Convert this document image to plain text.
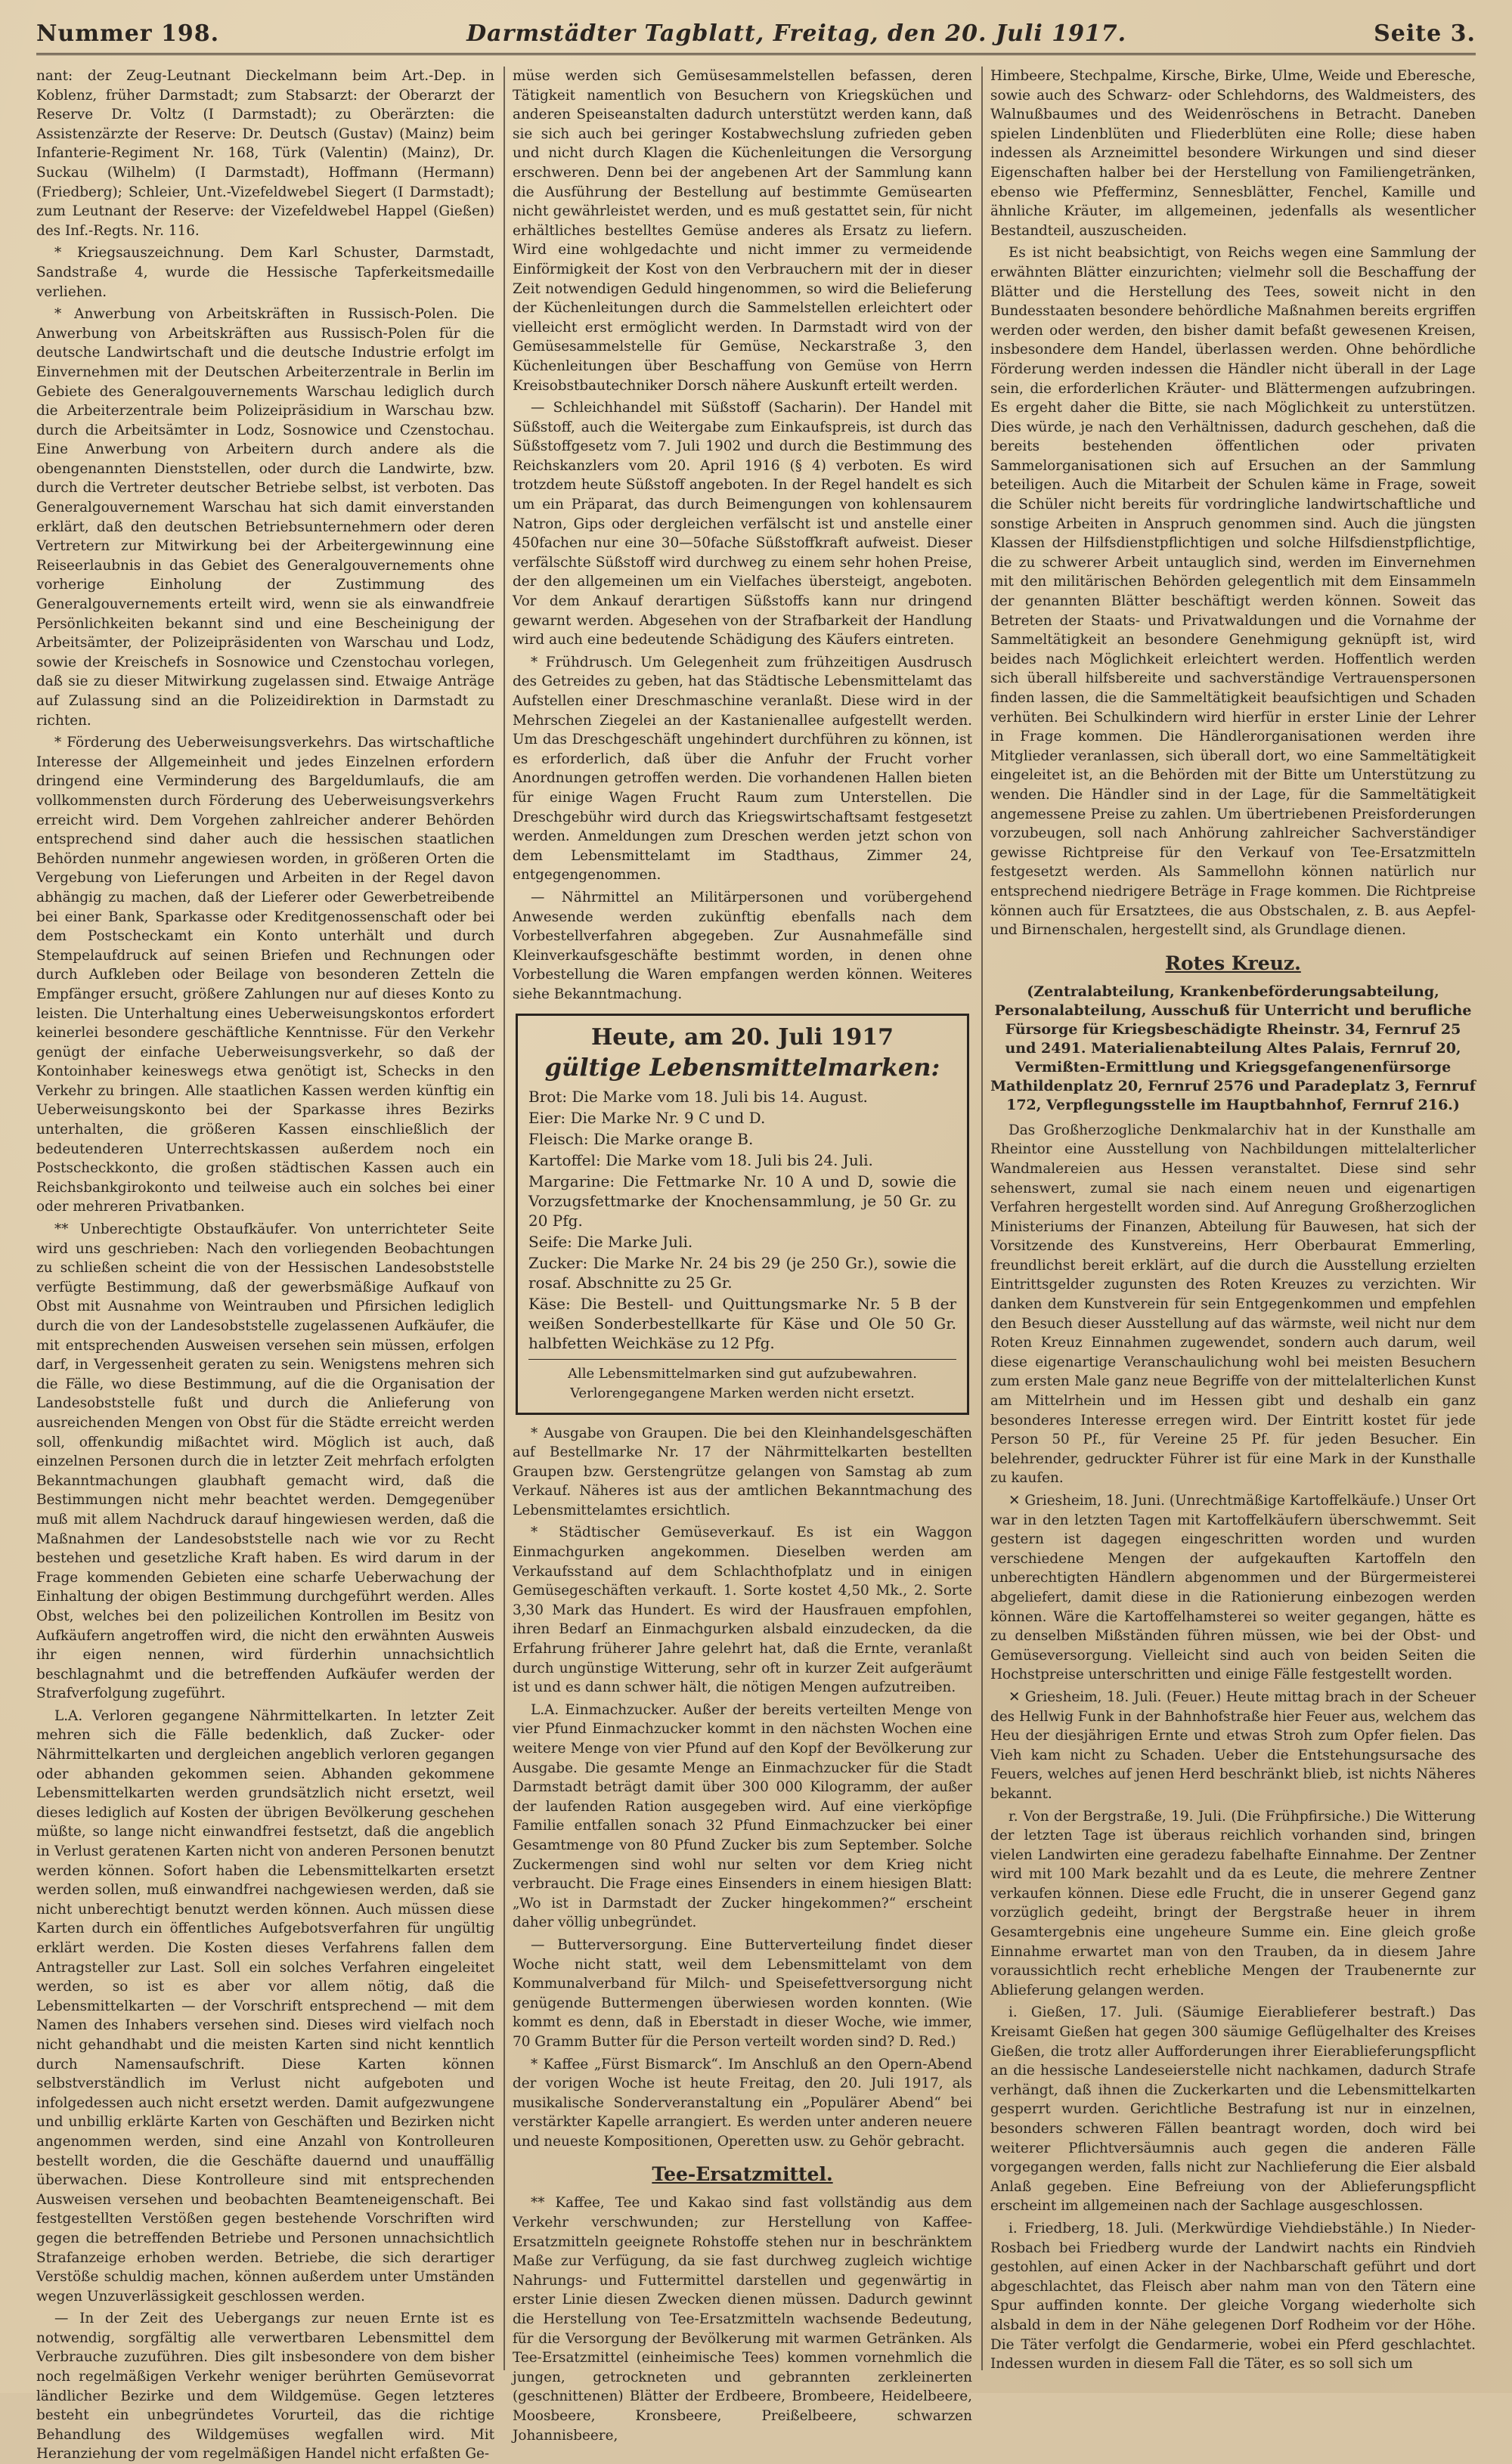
Nummer 198.	Darmstädter Tagblatt, Freitag, den 20. Juli 1917.	Seite 3.

nant: der Zeug-Leutnant Dieckelmann beim Art.-Dep. in Koblenz, früher Darmstadt; zum Stabsarzt: der Oberarzt der Reserve Dr. Voltz (I Darmstadt); zu Oberärzten: die Assistenzärzte der Reserve: Dr. Deutsch (Gustav) (Mainz) beim Infanterie-Regiment Nr. 168, Türk (Valentin) (Mainz), Dr. Suckau (Wilhelm) (I Darmstadt), Hoffmann (Hermann) (Friedberg); Schleier, Unt.-Vizefeldwebel Siegert (I Darmstadt); zum Leutnant der Reserve: der Vizefeldwebel Happel (Gießen) des Inf.-Regts. Nr. 116.

* Kriegsauszeichnung. Dem Karl Schuster, Darmstadt, Sandstraße 4, wurde die Hessische Tapferkeitsmedaille verliehen.

* Anwerbung von Arbeitskräften in Russisch-Polen. Die Anwerbung von Arbeitskräften aus Russisch-Polen für die deutsche Landwirtschaft und die deutsche Industrie erfolgt im Einvernehmen mit der Deutschen Arbeiterzentrale in Berlin im Gebiete des Generalgouvernements Warschau lediglich durch die Arbeiterzentrale beim Polizeipräsidium in Warschau bzw. durch die Arbeitsämter in Lodz, Sosnowice und Czenstochau. Eine Anwerbung von Arbeitern durch andere als die obengenannten Dienststellen, oder durch die Landwirte, bzw. durch die Vertreter deutscher Betriebe selbst, ist verboten. Das Generalgouvernement Warschau hat sich damit einverstanden erklärt, daß den deutschen Betriebsunternehmern oder deren Vertretern zur Mitwirkung bei der Arbeitergewinnung eine Reiseerlaubnis in das Gebiet des Generalgouvernements ohne vorherige Einholung der Zustimmung des Generalgouvernements erteilt wird, wenn sie als einwandfreie Persönlichkeiten bekannt sind und eine Bescheinigung der Arbeitsämter, der Polizeipräsidenten von Warschau und Lodz, sowie der Kreischefs in Sosnowice und Czenstochau vorlegen, daß sie zu dieser Mitwirkung zugelassen sind. Etwaige Anträge auf Zulassung sind an die Polizeidirektion in Darmstadt zu richten.

* Förderung des Ueberweisungsverkehrs. Das wirtschaftliche Interesse der Allgemeinheit und jedes Einzelnen erfordern dringend eine Verminderung des Bargeldumlaufs, die am vollkommensten durch Förderung des Ueberweisungsverkehrs erreicht wird. Dem Vorgehen zahlreicher anderer Behörden entsprechend sind daher auch die hessischen staatlichen Behörden nunmehr angewiesen worden, in größeren Orten die Vergebung von Lieferungen und Arbeiten in der Regel davon abhängig zu machen, daß der Lieferer oder Gewerbetreibende bei einer Bank, Sparkasse oder Kreditgenossenschaft oder bei dem Postscheckamt ein Konto unterhält und durch Stempelaufdruck auf seinen Briefen und Rechnungen oder durch Aufkleben oder Beilage von besonderen Zetteln die Empfänger ersucht, größere Zahlungen nur auf dieses Konto zu leisten. Die Unterhaltung eines Ueberweisungskontos erfordert keinerlei besondere geschäftliche Kenntnisse. Für den Verkehr genügt der einfache Ueberweisungsverkehr, so daß der Kontoinhaber keineswegs etwa genötigt ist, Schecks in den Verkehr zu bringen. Alle staatlichen Kassen werden künftig ein Ueberweisungskonto bei der Sparkasse ihres Bezirks unterhalten, die größeren Kassen einschließlich der bedeutenderen Unterrechtskassen außerdem noch ein Postscheckkonto, die großen städtischen Kassen auch ein Reichsbankgirokonto und teilweise auch ein solches bei einer oder mehreren Privatbanken.

** Unberechtigte Obstaufkäufer. Von unterrichteter Seite wird uns geschrieben: Nach den vorliegenden Beobachtungen zu schließen scheint die von der Hessischen Landesobststelle verfügte Bestimmung, daß der gewerbsmäßige Aufkauf von Obst mit Ausnahme von Weintrauben und Pfirsichen lediglich durch die von der Landesobststelle zugelassenen Aufkäufer, die mit entsprechenden Ausweisen versehen sein müssen, erfolgen darf, in Vergessenheit geraten zu sein. Wenigstens mehren sich die Fälle, wo diese Bestimmung, auf die die Organisation der Landesobststelle fußt und durch die Anlieferung von ausreichenden Mengen von Obst für die Städte erreicht werden soll, offenkundig mißachtet wird. Möglich ist auch, daß einzelnen Personen durch die in letzter Zeit mehrfach erfolgten Bekanntmachungen glaubhaft gemacht wird, daß die Bestimmungen nicht mehr beachtet werden. Demgegenüber muß mit allem Nachdruck darauf hingewiesen werden, daß die Maßnahmen der Landesobststelle nach wie vor zu Recht bestehen und gesetzliche Kraft haben. Es wird darum in der Frage kommenden Gebieten eine scharfe Ueberwachung der Einhaltung der obigen Bestimmung durchgeführt werden. Alles Obst, welches bei den polizeilichen Kontrollen im Besitz von Aufkäufern angetroffen wird, die nicht den erwähnten Ausweis ihr eigen nennen, wird fürderhin unnachsichtlich beschlagnahmt und die betreffenden Aufkäufer werden der Strafverfolgung zugeführt.

L.A. Verloren gegangene Nährmittelkarten. In letzter Zeit mehren sich die Fälle bedenklich, daß Zucker- oder Nährmittelkarten und dergleichen angeblich verloren gegangen oder abhanden gekommen seien. Abhanden gekommene Lebensmittelkarten werden grundsätzlich nicht ersetzt, weil dieses lediglich auf Kosten der übrigen Bevölkerung geschehen müßte, so lange nicht einwandfrei festsetzt, daß die angeblich in Verlust geratenen Karten nicht von anderen Personen benutzt werden können. Sofort haben die Lebensmittelkarten ersetzt werden sollen, muß einwandfrei nachgewiesen werden, daß sie nicht unberechtigt benutzt werden können. Auch müssen diese Karten durch ein öffentliches Aufgebotsverfahren für ungültig erklärt werden. Die Kosten dieses Verfahrens fallen dem Antragsteller zur Last. Soll ein solches Verfahren eingeleitet werden, so ist es aber vor allem nötig, daß die Lebensmittelkarten — der Vorschrift entsprechend — mit dem Namen des Inhabers versehen sind. Dieses wird vielfach noch nicht gehandhabt und die meisten Karten sind nicht kenntlich durch Namensaufschrift. Diese Karten können selbstverständlich im Verlust nicht aufgeboten und infolgedessen auch nicht ersetzt werden. Damit aufgezwungene und unbillig erklärte Karten von Geschäften und Bezirken nicht angenommen werden, sind eine Anzahl von Kontrolleuren bestellt worden, die die Geschäfte dauernd und unauffällig überwachen. Diese Kontrolleure sind mit entsprechenden Ausweisen versehen und beobachten Beamteneigenschaft. Bei festgestellten Verstößen gegen bestehende Vorschriften wird gegen die betreffenden Betriebe und Personen unnachsichtlich Strafanzeige erhoben werden. Betriebe, die sich derartiger Verstöße schuldig machen, können außerdem unter Umständen wegen Unzuverlässigkeit geschlossen werden.

— In der Zeit des Uebergangs zur neuen Ernte ist es notwendig, sorgfältig alle verwertbaren Lebensmittel dem Verbrauche zuzuführen. Dies gilt insbesondere von dem bisher noch regelmäßigen Verkehr weniger berührten Gemüsevorrat ländlicher Bezirke und dem Wildgemüse. Gegen letzteres besteht ein unbegründetes Vorurteil, das die richtige Behandlung des Wildgemüses wegfallen wird. Mit Heranziehung der vom regelmäßigen Handel nicht erfaßten Ge-

müse werden sich Gemüsesammelstellen befassen, deren Tätigkeit namentlich von Besuchern von Kriegsküchen und anderen Speiseanstalten dadurch unterstützt werden kann, daß sie sich auch bei geringer Kostabwechslung zufrieden geben und nicht durch Klagen die Küchenleitungen die Versorgung erschweren. Denn bei der angebenen Art der Sammlung kann die Ausführung der Bestellung auf bestimmte Gemüsearten nicht gewährleistet werden, und es muß gestattet sein, für nicht erhältliches bestelltes Gemüse anderes als Ersatz zu liefern. Wird eine wohlgedachte und nicht immer zu vermeidende Einförmigkeit der Kost von den Verbrauchern mit der in dieser Zeit notwendigen Geduld hingenommen, so wird die Belieferung der Küchenleitungen durch die Sammelstellen erleichtert oder vielleicht erst ermöglicht werden. In Darmstadt wird von der Gemüsesammelstelle für Gemüse, Neckarstraße 3, den Küchenleitungen über Beschaffung von Gemüse von Herrn Kreisobstbautechniker Dorsch nähere Auskunft erteilt werden.

— Schleichhandel mit Süßstoff (Sacharin). Der Handel mit Süßstoff, auch die Weitergabe zum Einkaufspreis, ist durch das Süßstoffgesetz vom 7. Juli 1902 und durch die Bestimmung des Reichskanzlers vom 20. April 1916 (§ 4) verboten. Es wird trotzdem heute Süßstoff angeboten. In der Regel handelt es sich um ein Präparat, das durch Beimengungen von kohlensaurem Natron, Gips oder dergleichen verfälscht ist und anstelle einer 450fachen nur eine 30—50fache Süßstoffkraft aufweist. Dieser verfälschte Süßstoff wird durchweg zu einem sehr hohen Preise, der den allgemeinen um ein Vielfaches übersteigt, angeboten. Vor dem Ankauf derartigen Süßstoffs kann nur dringend gewarnt werden. Abgesehen von der Strafbarkeit der Handlung wird auch eine bedeutende Schädigung des Käufers eintreten.

* Frühdrusch. Um Gelegenheit zum frühzeitigen Ausdrusch des Getreides zu geben, hat das Städtische Lebensmittelamt das Aufstellen einer Dreschmaschine veranlaßt. Diese wird in der Mehrschen Ziegelei an der Kastanienallee aufgestellt werden. Um das Dreschgeschäft ungehindert durchführen zu können, ist es erforderlich, daß über die Anfuhr der Frucht vorher Anordnungen getroffen werden. Die vorhandenen Hallen bieten für einige Wagen Frucht Raum zum Unterstellen. Die Dreschgebühr wird durch das Kriegswirtschaftsamt festgesetzt werden. Anmeldungen zum Dreschen werden jetzt schon von dem Lebensmittelamt im Stadthaus, Zimmer 24, entgegengenommen.

— Nährmittel an Militärpersonen und vorübergehend Anwesende werden zukünftig ebenfalls nach dem Vorbestellverfahren abgegeben. Zur Ausnahmefälle sind Kleinverkaufsgeschäfte bestimmt worden, in denen ohne Vorbestellung die Waren empfangen werden können. Weiteres siehe Bekanntmachung.

Heute, am 20. Juli 1917
gültige Lebensmittelmarken:
Brot: Die Marke vom 18. Juli bis 14. August.
Eier: Die Marke Nr. 9 C und D.
Fleisch: Die Marke orange B.
Kartoffel: Die Marke vom 18. Juli bis 24. Juli.
Margarine: Die Fettmarke Nr. 10 A und D, sowie die Vorzugsfettmarke der Knochensammlung, je 50 Gr. zu 20 Pfg.
Seife: Die Marke Juli.
Zucker: Die Marke Nr. 24 bis 29 (je 250 Gr.), sowie die rosaf. Abschnitte zu 25 Gr.
Käse: Die Bestell- und Quittungsmarke Nr. 5 B der weißen Sonderbestellkarte für Käse und Ole 50 Gr. halbfetten Weichkäse zu 12 Pfg.
Alle Lebensmittelmarken sind gut aufzubewahren. Verlorengegangene Marken werden nicht ersetzt.

* Ausgabe von Graupen. Die bei den Kleinhandelsgeschäften auf Bestellmarke Nr. 17 der Nährmittelkarten bestellten Graupen bzw. Gerstengrütze gelangen von Samstag ab zum Verkauf. Näheres ist aus der amtlichen Bekanntmachung des Lebensmittelamtes ersichtlich.

* Städtischer Gemüseverkauf. Es ist ein Waggon Einmachgurken angekommen. Dieselben werden am Verkaufsstand auf dem Schlachthofplatz und in einigen Gemüsegeschäften verkauft. 1. Sorte kostet 4,50 Mk., 2. Sorte 3,30 Mark das Hundert. Es wird der Hausfrauen empfohlen, ihren Bedarf an Einmachgurken alsbald einzudecken, da die Erfahrung früherer Jahre gelehrt hat, daß die Ernte, veranlaßt durch ungünstige Witterung, sehr oft in kurzer Zeit aufgeräumt ist und es dann schwer hält, die nötigen Mengen aufzutreiben.

L.A. Einmachzucker. Außer der bereits verteilten Menge von vier Pfund Einmachzucker kommt in den nächsten Wochen eine weitere Menge von vier Pfund auf den Kopf der Bevölkerung zur Ausgabe. Die gesamte Menge an Einmachzucker für die Stadt Darmstadt beträgt damit über 300 000 Kilogramm, der außer der laufenden Ration ausgegeben wird. Auf eine vierköpfige Familie entfallen sonach 32 Pfund Einmachzucker bei einer Gesamtmenge von 80 Pfund Zucker bis zum September. Solche Zuckermengen sind wohl nur selten vor dem Krieg nicht verbraucht. Die Frage eines Einsenders in einem hiesigen Blatt: „Wo ist in Darmstadt der Zucker hingekommen?“ erscheint daher völlig unbegründet.

— Butterversorgung. Eine Butterverteilung findet dieser Woche nicht statt, weil dem Lebensmittelamt von dem Kommunalverband für Milch- und Speisefettversorgung nicht genügende Buttermengen überwiesen worden konnten. (Wie kommt es denn, daß in Eberstadt in dieser Woche, wie immer, 70 Gramm Butter für die Person verteilt worden sind? D. Red.)

* Kaffee „Fürst Bismarck“. Im Anschluß an den Opern-Abend der vorigen Woche ist heute Freitag, den 20. Juli 1917, als musikalische Sonderveranstaltung ein „Populärer Abend“ bei verstärkter Kapelle arrangiert. Es werden unter anderen neuere und neueste Kompositionen, Operetten usw. zu Gehör gebracht.

Tee-Ersatzmittel.

** Kaffee, Tee und Kakao sind fast vollständig aus dem Verkehr verschwunden; zur Herstellung von Kaffee-Ersatzmitteln geeignete Rohstoffe stehen nur in beschränktem Maße zur Verfügung, da sie fast durchweg zugleich wichtige Nahrungs- und Futtermittel darstellen und gegenwärtig in erster Linie diesen Zwecken dienen müssen. Dadurch gewinnt die Herstellung von Tee-Ersatzmitteln wachsende Bedeutung, für die Versorgung der Bevölkerung mit warmen Getränken. Als Tee-Ersatzmittel (einheimische Tees) kommen vornehmlich die jungen, getrockneten und gebrannten zerkleinerten (geschnittenen) Blätter der Erdbeere, Brombeere, Heidelbeere, Moosbeere, Kronsbeere, Preißelbeere, schwarzen Johannisbeere,

Himbeere, Stechpalme, Kirsche, Birke, Ulme, Weide und Eberesche, sowie auch des Schwarz- oder Schlehdorns, des Waldmeisters, des Walnußbaumes und des Weidenröschens in Betracht. Daneben spielen Lindenblüten und Fliederblüten eine Rolle; diese haben indessen als Arzneimittel besondere Wirkungen und sind dieser Eigenschaften halber bei der Herstellung von Familiengetränken, ebenso wie Pfefferminz, Sennesblätter, Fenchel, Kamille und ähnliche Kräuter, im allgemeinen, jedenfalls als wesentlicher Bestandteil, auszuscheiden.

Es ist nicht beabsichtigt, von Reichs wegen eine Sammlung der erwähnten Blätter einzurichten; vielmehr soll die Beschaffung der Blätter und die Herstellung des Tees, soweit nicht in den Bundesstaaten besondere behördliche Maßnahmen bereits ergriffen werden oder werden, den bisher damit befaßt gewesenen Kreisen, insbesondere dem Handel, überlassen werden. Ohne behördliche Förderung werden indessen die Händler nicht überall in der Lage sein, die erforderlichen Kräuter- und Blättermengen aufzubringen. Es ergeht daher die Bitte, sie nach Möglichkeit zu unterstützen. Dies würde, je nach den Verhältnissen, dadurch geschehen, daß die bereits bestehenden öffentlichen oder privaten Sammelorganisationen sich auf Ersuchen an der Sammlung beteiligen. Auch die Mitarbeit der Schulen käme in Frage, soweit die Schüler nicht bereits für vordringliche landwirtschaftliche und sonstige Arbeiten in Anspruch genommen sind. Auch die jüngsten Klassen der Hilfsdienstpflichtigen und solche Hilfsdienstpflichtige, die zu schwerer Arbeit untauglich sind, werden im Einvernehmen mit den militärischen Behörden gelegentlich mit dem Einsammeln der genannten Blätter beschäftigt werden können. Soweit das Betreten der Staats- und Privatwaldungen und die Vornahme der Sammeltätigkeit an besondere Genehmigung geknüpft ist, wird beides nach Möglichkeit erleichtert werden. Hoffentlich werden sich überall hilfsbereite und sachverständige Vertrauenspersonen finden lassen, die die Sammeltätigkeit beaufsichtigen und Schaden verhüten. Bei Schulkindern wird hierfür in erster Linie der Lehrer in Frage kommen. Die Händlerorganisationen werden ihre Mitglieder veranlassen, sich überall dort, wo eine Sammeltätigkeit eingeleitet ist, an die Behörden mit der Bitte um Unterstützung zu wenden. Die Händler sind in der Lage, für die Sammeltätigkeit angemessene Preise zu zahlen. Um übertriebenen Preisforderungen vorzubeugen, soll nach Anhörung zahlreicher Sachverständiger gewisse Richtpreise für den Verkauf von Tee-Ersatzmitteln festgesetzt werden. Als Sammellohn können natürlich nur entsprechend niedrigere Beträge in Frage kommen. Die Richtpreise können auch für Ersatztees, die aus Obstschalen, z. B. aus Aepfel- und Birnenschalen, hergestellt sind, als Grundlage dienen.

Rotes Kreuz.
(Zentralabteilung, Krankenbeförderungsabteilung, Personalabteilung, Ausschuß für Unterricht und berufliche Fürsorge für Kriegsbeschädigte Rheinstr. 34, Fernruf 25 und 2491. Materialienabteilung Altes Palais, Fernruf 20, Vermißten-Ermittlung und Kriegsgefangenenfürsorge Mathildenplatz 20, Fernruf 2576 und Paradeplatz 3, Fernruf 172, Verpflegungsstelle im Hauptbahnhof, Fernruf 216.)

Das Großherzogliche Denkmalarchiv hat in der Kunsthalle am Rheintor eine Ausstellung von Nachbildungen mittelalterlicher Wandmalereien aus Hessen veranstaltet. Diese sind sehr sehenswert, zumal sie nach einem neuen und eigenartigen Verfahren hergestellt worden sind. Auf Anregung Großherzoglichen Ministeriums der Finanzen, Abteilung für Bauwesen, hat sich der Vorsitzende des Kunstvereins, Herr Oberbaurat Emmerling, freundlichst bereit erklärt, auf die durch die Ausstellung erzielten Eintrittsgelder zugunsten des Roten Kreuzes zu verzichten. Wir danken dem Kunstverein für sein Entgegenkommen und empfehlen den Besuch dieser Ausstellung auf das wärmste, weil nicht nur dem Roten Kreuz Einnahmen zugewendet, sondern auch darum, weil diese eigenartige Veranschaulichung wohl bei meisten Besuchern zum ersten Male ganz neue Begriffe von der mittelalterlichen Kunst am Mittelrhein und im Hessen gibt und deshalb ein ganz besonderes Interesse erregen wird. Der Eintritt kostet für jede Person 50 Pf., für Vereine 25 Pf. für jeden Besucher. Ein belehrender, gedruckter Führer ist für eine Mark in der Kunsthalle zu kaufen.

✕ Griesheim, 18. Juni. (Unrechtmäßige Kartoffelkäufe.) Unser Ort war in den letzten Tagen mit Kartoffelkäufern überschwemmt. Seit gestern ist dagegen eingeschritten worden und wurden verschiedene Mengen der aufgekauften Kartoffeln den unberechtigten Händlern abgenommen und der Bürgermeisterei abgeliefert, damit diese in die Rationierung einbezogen werden können. Wäre die Kartoffelhamsterei so weiter gegangen, hätte es zu denselben Mißständen führen müssen, wie bei der Obst- und Gemüseversorgung. Vielleicht sind auch von beiden Seiten die Hochstpreise unterschritten und einige Fälle festgestellt worden.

✕ Griesheim, 18. Juli. (Feuer.) Heute mittag brach in der Scheuer des Hellwig Funk in der Bahnhofstraße hier Feuer aus, welchem das Heu der diesjährigen Ernte und etwas Stroh zum Opfer fielen. Das Vieh kam nicht zu Schaden. Ueber die Entstehungsursache des Feuers, welches auf jenen Herd beschränkt blieb, ist nichts Näheres bekannt.

r. Von der Bergstraße, 19. Juli. (Die Frühpfirsiche.) Die Witterung der letzten Tage ist überaus reichlich vorhanden sind, bringen vielen Landwirten eine geradezu fabelhafte Einnahme. Der Zentner wird mit 100 Mark bezahlt und da es Leute, die mehrere Zentner verkaufen können. Diese edle Frucht, die in unserer Gegend ganz vorzüglich gedeiht, bringt der Bergstraße heuer in ihrem Gesamtergebnis eine ungeheure Summe ein. Eine gleich große Einnahme erwartet man von den Trauben, da in diesem Jahre voraussichtlich recht erhebliche Mengen der Traubenernte zur Ablieferung gelangen werden.

i. Gießen, 17. Juli. (Säumige Eierablieferer bestraft.) Das Kreisamt Gießen hat gegen 300 säumige Geflügelhalter des Kreises Gießen, die trotz aller Aufforderungen ihrer Eierablieferungspflicht an die hessische Landeseierstelle nicht nachkamen, dadurch Strafe verhängt, daß ihnen die Zuckerkarten und die Lebensmittelkarten gesperrt wurden. Gerichtliche Bestrafung ist nur in einzelnen, besonders schweren Fällen beantragt worden, doch wird bei weiterer Pflichtversäumnis auch gegen die anderen Fälle vorgegangen werden, falls nicht zur Nachlieferung die Eier alsbald Anlaß gegeben. Eine Befreiung von der Ablieferungspflicht erscheint im allgemeinen nach der Sachlage ausgeschlossen.

i. Friedberg, 18. Juli. (Merkwürdige Viehdiebstähle.) In Nieder-Rosbach bei Friedberg wurde der Landwirt nachts ein Rindvieh gestohlen, auf einen Acker in der Nachbarschaft geführt und dort abgeschlachtet, das Fleisch aber nahm man von den Tätern eine Spur auffinden konnte. Der gleiche Vorgang wiederholte sich alsbald in dem in der Nähe gelegenen Dorf Rodheim vor der Höhe. Die Täter verfolgt die Gendarmerie, wobei ein Pferd geschlachtet. Indessen wurden in diesem Fall die Täter, es so soll sich um
